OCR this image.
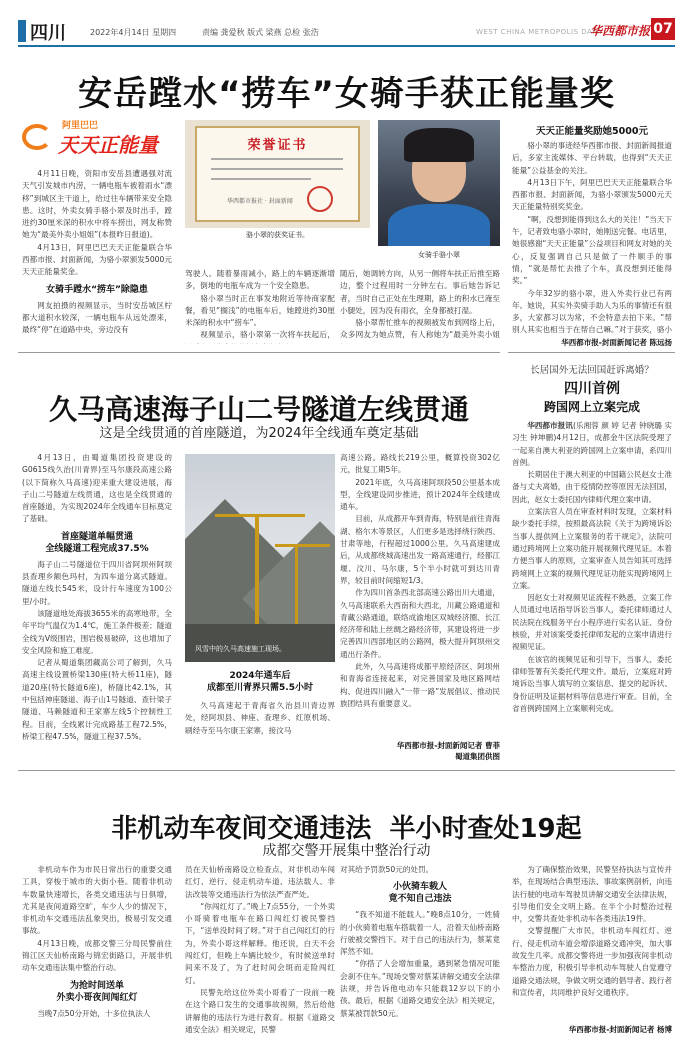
四川	2022年4月14日 星期四	责编 龚爱秋 版式 梁燕 总检 张浩	WEST CHINA METROPOLIS DAILY
华西都市报 07
安岳蹚水“捞车”女骑手获正能量奖
阿里巴巴
天天正能量

4月11日晚，资阳市安岳县遭遇强对流天气引发城市内涝，一辆电瓶车被着雨水“漂移”到城区主干道上，给过往车辆带来安全隐患。这时，外卖女骑手骆小翠及时出手，蹚进约30厘米深的积水中将车捞出，网友称赞她为“最美外卖小姐姐”(本报昨日报道)。

4月13日，阿里巴巴天天正能量联合华西都市报、封面新闻，为骆小翠颁发5000元天天正能量奖金。

女骑手蹚水“捞车”除隐患

网友拍摄的视频显示，当时安岳城区柠都大道积水较深，一辆电瓶车从远处漂来，最终“停”在道路中央，旁边没有

荣誉证书
华西都市报社 · 封面新闻
骆小翠的获奖证书。
女骑手骆小翠

驾驶人。随着暴雨减小，路上的车辆逐渐增多，倒地的电瓶车成为一个安全隐患。

骆小翠当时正在事发地附近等待商家配餐，看见“搁浅”的电瓶车后，她蹚进约30厘米深的积水中“捞车”。

视频显示，骆小翠第一次将车扶起后，

随后，她调转方向，从另一侧将车扶正后推至路边，整个过程用时一分钟左右。事后她告诉记者，当时自己正处在生理期，路上的积水已淹至小腿处，因为没有雨衣，全身都被打湿。

骆小翠帮忙推车的视频被发布到网络上后，众多网友为她点赞，有人称她为“最美外卖小姐

天天正能量奖励她5000元

骆小翠的事迹经华西都市报、封面新闻报道后，多家主流媒体、平台转载，也得到“天天正能量”公益基金的关注。

4月13日下午，阿里巴巴天天正能量联合华西都市报、封面新闻，为骆小翠颁发5000元天天正能量特别奖奖金。

“啊，没想到能得到这么大的关注！”当天下午，记者致电骆小翠时，她刚送完餐。电话里，她很感谢“天天正能量”公益项目和网友对她的关心，反复强调自己只是做了一件顺手的事情，“就是帮忙去推了个车，真没想到还能得奖。”

今年32岁的骆小翠，进入外卖行业已有两年。她说，其实外卖骑手助人为乐的事情还有很多，大家都习以为常，不会特意去拍下来。“帮别人其实也相当于在帮自己嘛。”对于获奖，骆小

华西都市报-封面新闻记者 陈远扬
久马高速海子山二号隧道左线贯通
这是全线贯通的首座隧道，为2024年全线通车奠定基础

4月13日，由蜀道集团投资建设的G0615线久治(川青界)至马尔康段高速公路(以下简称久马高速)迎来重大建设进展，海子山二号隧道左线贯通，这也是全线贯通的首座隧道，为实现2024年全线通车目标奠定了基础。

首座隧道单幅贯通
全线隧道工程完成37.5%

海子山二号隧道位于四川省阿坝州阿坝县查理乡额色玛村，为四车道分离式隧道。隧道左线长545米，设计行车速度为100公里/小时。

该隧道地处海拔3655米的高寒地带，全年平均气温仅为1.4℃，施工条件极差；隧道全线为V级围岩，围岩极易破碎，这也增加了安全风险和施工难度。

记者从蜀道集团藏高公司了解到，久马高速主线设置桥梁130座(特大桥11座)，隧道20座(特长隧道6座)，桥隧比42.1%，其中包括神座隧道、海子山1号隧道、查针梁子隧道、马赖隧道和王家寨左线5个控制性工程。目前，全线累计完成路基工程72.5%，桥梁工程47.5%，隧道工程37.5%。

风雪中的久马高速施工现场。
2024年通车后
成都至川青界只需5.5小时

久马高速起于青海省久治县川青边界处，经阿坝县、神座、查理乡、红原机场、刷经寺至马尔康王家寨，接汶马

高速公路。路线长219公里，概算投资302亿元，批复工期5年。

2021年底，久马高速阿坝段50公里基本成型，全线建设同步推进，预计2024年全线建成通车。

目前，从成都开车到青海，特别是前往青海湖、格尔木等景区，人们更多是选择绕行陕西、甘肃等地，行程超过1000公里。久马高速建成后，从成都绕城高速出发一路高速通行，经都江堰、汶川、马尔康，5个半小时就可到达川青界，较目前时间缩短1/3。

作为四川首条西北部高速公路出川大通道，久马高速联系大西南和大西北，川藏公路通道和青藏公路通道，联络成渝地区双城经济圈、长江经济带和陆上丝绸之路经济带，其建设将进一步完善四川西部地区的公路网，极大提升阿坝州交通出行条件。

此外，久马高速将成都平原经济区、阿坝州和青海省连接起来，对完善国家及地区路网结构、促进四川融入“一带一路”发展倡议、推动民族团结具有重要意义。

华西都市报-封面新闻记者 曹菲
蜀道集团供图
长居国外无法回国赶诉离婚？
四川首例
跨国网上立案完成

华西都市报讯(乐湘蓉 颜 婷 记者 钟晓璐 实习生 钟坤鹏)4月12日，成都金牛区法院受理了一起来自澳大利亚的跨国网上立案申请，系四川首例。

长期居住于澳大利亚的中国籍公民赵女士准备与丈夫离婚，由于疫情防控等原因无法回国，因此，赵女士委托国内律师代理立案申请。

立案法官人员在审查材料时发现，立案材料缺少委托手续，按照最高法院《关于为跨境诉讼当事人提供网上立案服务的若干规定》，法院可通过跨境网上立案功能开展视频代理见证。本着方便当事人的原则，立案审查人员告知其可选择跨境网上立案的视频代理见证功能实现跨境网上立案。

因赵女士对视频见证流程不熟悉，立案工作人员通过电话指导诉讼当事人，委托律师通过人民法院在线服务平台小程序进行实名认证、身份核验，并对该案受委托律师发起的立案申请进行视频见证。

在该官的视频见证和引导下，当事人、委托律师签署有关委托代理文件。最后，立案庭对跨境诉讼当事人填写的立案信息、提交的起诉状、身份证明及证据材料等信息进行审查。目前，全省首例跨国网上立案顺利完成。

非机动车夜间交通违法  半小时查处19起
成都交警开展集中整治行动

非机动车作为市民日常出行的重要交通工具，穿梭于城市的大街小巷。随着非机动车数量快速增长，各类交通违法与日俱增，尤其是夜间道路空旷，车少人少的情况下，非机动车交通违法乱象突出，极易引发交通事故。

4月13日晚，成都交警三分局民警前往锦江区天仙桥南路与锦宏街路口，开展非机动车交通违法集中整治行动。

为抢时间送单
外卖小哥夜间闯红灯

当晚7点50分开始，十多位执法人

员在天仙桥南路设立检查点，对非机动车闯红灯、逆行、侵走机动车道、违法载人、非法改装等交通违法行为依法严查严处。

“你闯红灯了。”晚上7点55分，一个外卖小哥骑着电瓶车在路口闯红灯被民警挡下，“送单没时间了呀。”对于自己闯红灯的行为，外卖小哥这样解释。他还说，白天不会闯红灯，但晚上车辆比较少，有时候送单时间来不及了，为了赶时间会斑而走险闯红灯。

民警先给这位外卖小哥看了一段前一晚在这个路口发生的交通事故视频，然后给他讲解他的违法行为进行教育。根据《道路交通安全法》相关规定，民警

对其给予罚款50元的处罚。

小伙骑车载人
竟不知自己违法

“我不知道不能载人。”晚8点10分，一姓骑的小伙骑着电瓶车搭载着一人，沿着天仙桥南路行驶被交警挡下。对于自己的违法行为，蔡某竟浑然不知。

“你搭了人会增加重量，遇到紧急情况可能会刹不住车。”现场交警对蔡某讲解交通安全法律法规，并告诉他电动车只能载12岁以下的小孩。最后，根据《道路交通安全法》相关规定，蔡某被罚款50元。

为了确保整治效果，民警坚持执法与宣传并举，在现场结合典型违法、事故案例剖析，向违法行驶的电动车驾驶员讲解交通安全法律法规，引导他们安全文明上路。在半个小时整治过程中，交警共查处非机动车各类违法19件。

交警提醒广大市民，非机动车闯红灯、逆行、侵走机动车道会增添道路交通冲突，加大事故发生几率。成都交警将进一步加强夜间非机动车整治力度，积极引导非机动车驾驶人自觉遵守道路交通法规，争做文明交通的倡导者、践行者和宣传者，共同维护良好交通秩序。

华西都市报-封面新闻记者 杨博
